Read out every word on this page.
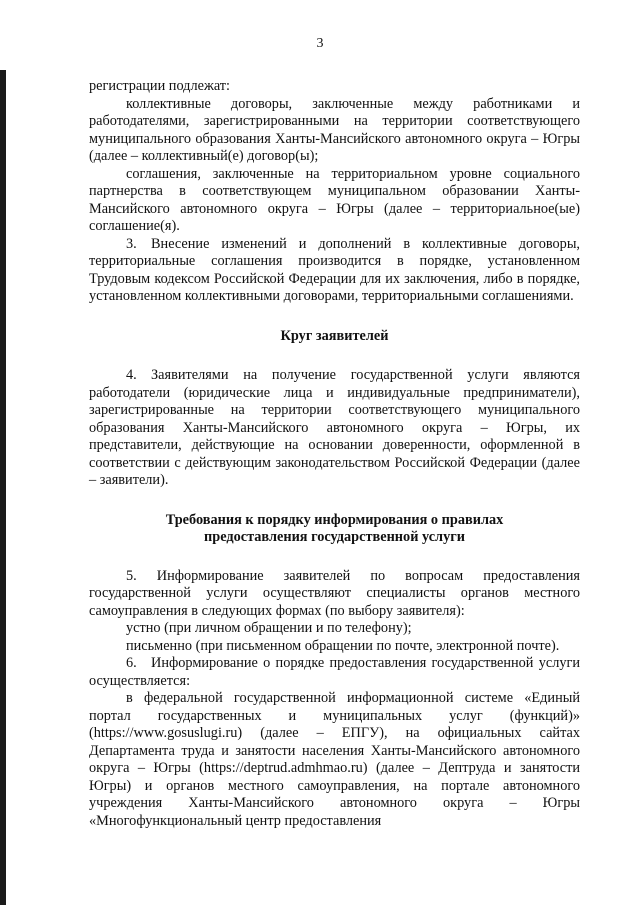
3

регистрации подлежат:

коллективные договоры, заключенные между работниками и работодателями, зарегистрированными на территории соответствующего муниципального образования Ханты-Мансийского автономного округа – Югры (далее – коллективный(е) договор(ы);

соглашения, заключенные на территориальном уровне социального партнерства в соответствующем муниципальном образовании Ханты-Мансийского автономного округа – Югры (далее – территориальное(ые) соглашение(я).

3. Внесение изменений и дополнений в коллективные договоры, территориальные соглашения производится в порядке, установленном Трудовым кодексом Российской Федерации для их заключения, либо в порядке, установленном коллективными договорами, территориальными соглашениями.

Круг заявителей

4. Заявителями на получение государственной услуги являются работодатели (юридические лица и индивидуальные предприниматели), зарегистрированные на территории соответствующего муниципального образования Ханты-Мансийского автономного округа – Югры, их представители, действующие на основании доверенности, оформленной в соответствии с действующим законодательством Российской Федерации (далее – заявители).

Требования к порядку информирования о правилах
предоставления государственной услуги

5. Информирование заявителей по вопросам предоставления государственной услуги осуществляют специалисты органов местного самоуправления в следующих формах (по выбору заявителя):

устно (при личном обращении и по телефону);

письменно (при письменном обращении по почте, электронной почте).

6. Информирование о порядке предоставления государственной услуги осуществляется:

в федеральной государственной информационной системе «Единый портал государственных и муниципальных услуг (функций)» (https://www.gosuslugi.ru) (далее – ЕПГУ), на официальных сайтах Департамента труда и занятости населения Ханты-Мансийского автономного округа – Югры (https://deptrud.admhmao.ru) (далее – Дептруда и занятости Югры) и органов местного самоуправления, на портале автономного учреждения Ханты-Мансийского автономного округа – Югры «Многофункциональный центр предоставления
